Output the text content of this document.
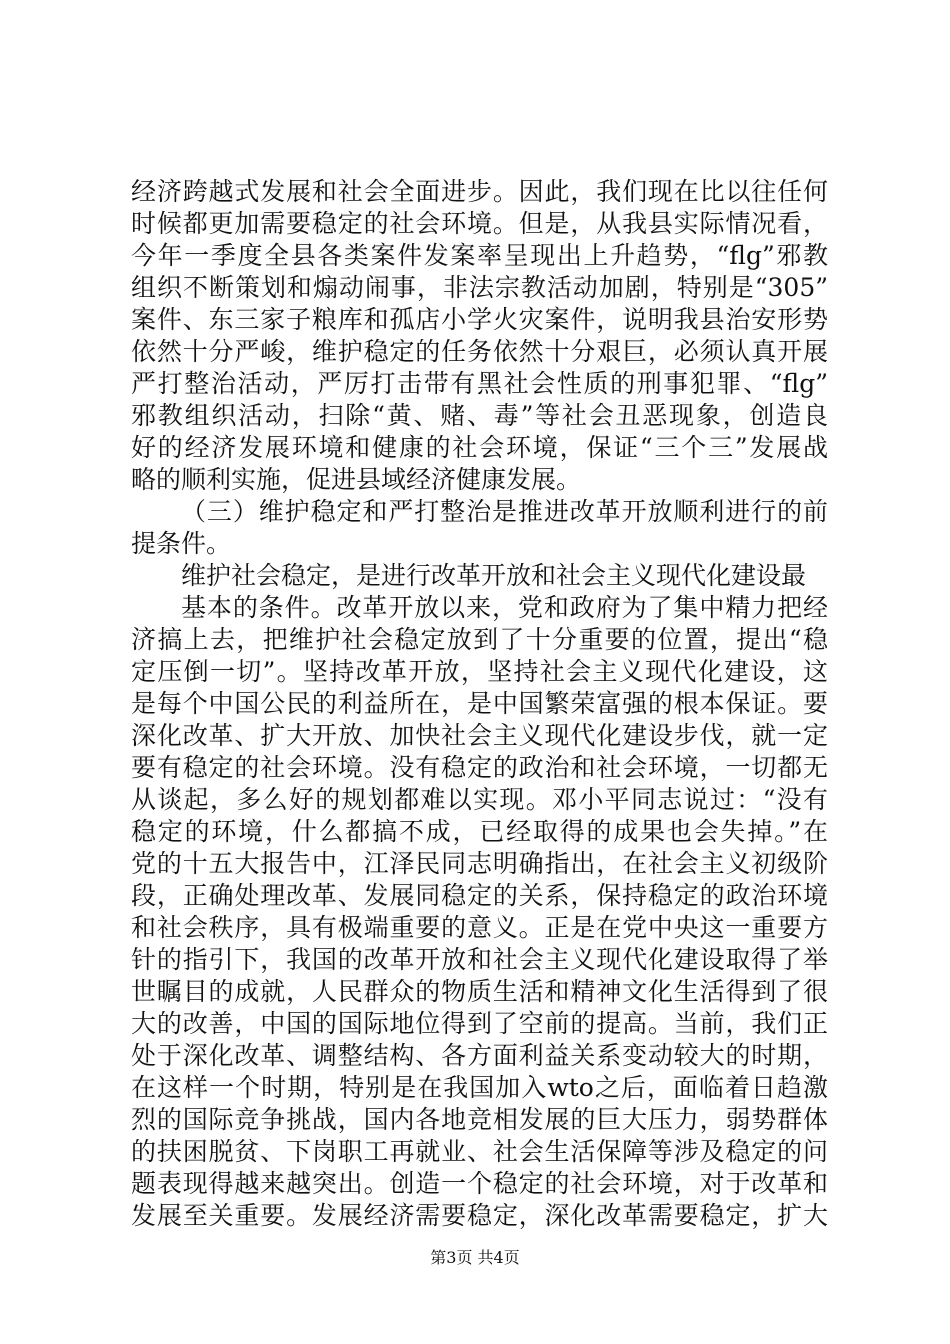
经济跨越式发展和社会全面进步。因此，我们现在比以往任何
时候都更加需要稳定的社会环境。但是，从我县实际情况看，
今年一季度全县各类案件发案率呈现出上升趋势，“flg”邪教
组织不断策划和煽动闹事，非法宗教活动加剧，特别是“305”
案件、东三家子粮库和孤店小学火灾案件，说明我县治安形势
依然十分严峻，维护稳定的任务依然十分艰巨，必须认真开展
严打整治活动，严厉打击带有黑社会性质的刑事犯罪、“flg”
邪教组织活动，扫除“黄、赌、毒”等社会丑恶现象，创造良
好的经济发展环境和健康的社会环境，保证“三个三”发展战
略的顺利实施，促进县域经济健康发展。
（三）维护稳定和严打整治是推进改革开放顺利进行的前
提条件。
维护社会稳定，是进行改革开放和社会主义现代化建设最
基本的条件。改革开放以来，党和政府为了集中精力把经
济搞上去，把维护社会稳定放到了十分重要的位置，提出“稳
定压倒一切”。坚持改革开放，坚持社会主义现代化建设，这
是每个中国公民的利益所在，是中国繁荣富强的根本保证。要
深化改革、扩大开放、加快社会主义现代化建设步伐，就一定
要有稳定的社会环境。没有稳定的政治和社会环境，一切都无
从谈起，多么好的规划都难以实现。邓小平同志说过：“没有
稳定的环境，什么都搞不成，已经取得的成果也会失掉。”在
党的十五大报告中，江泽民同志明确指出，在社会主义初级阶
段，正确处理改革、发展同稳定的关系，保持稳定的政治环境
和社会秩序，具有极端重要的意义。正是在党中央这一重要方
针的指引下，我国的改革开放和社会主义现代化建设取得了举
世瞩目的成就，人民群众的物质生活和精神文化生活得到了很
大的改善，中国的国际地位得到了空前的提高。当前，我们正
处于深化改革、调整结构、各方面利益关系变动较大的时期，
在这样一个时期，特别是在我国加入wto之后，面临着日趋激
烈的国际竞争挑战，国内各地竞相发展的巨大压力，弱势群体
的扶困脱贫、下岗职工再就业、社会生活保障等涉及稳定的问
题表现得越来越突出。创造一个稳定的社会环境，对于改革和
发展至关重要。发展经济需要稳定，深化改革需要稳定，扩大
第3页 共4页
